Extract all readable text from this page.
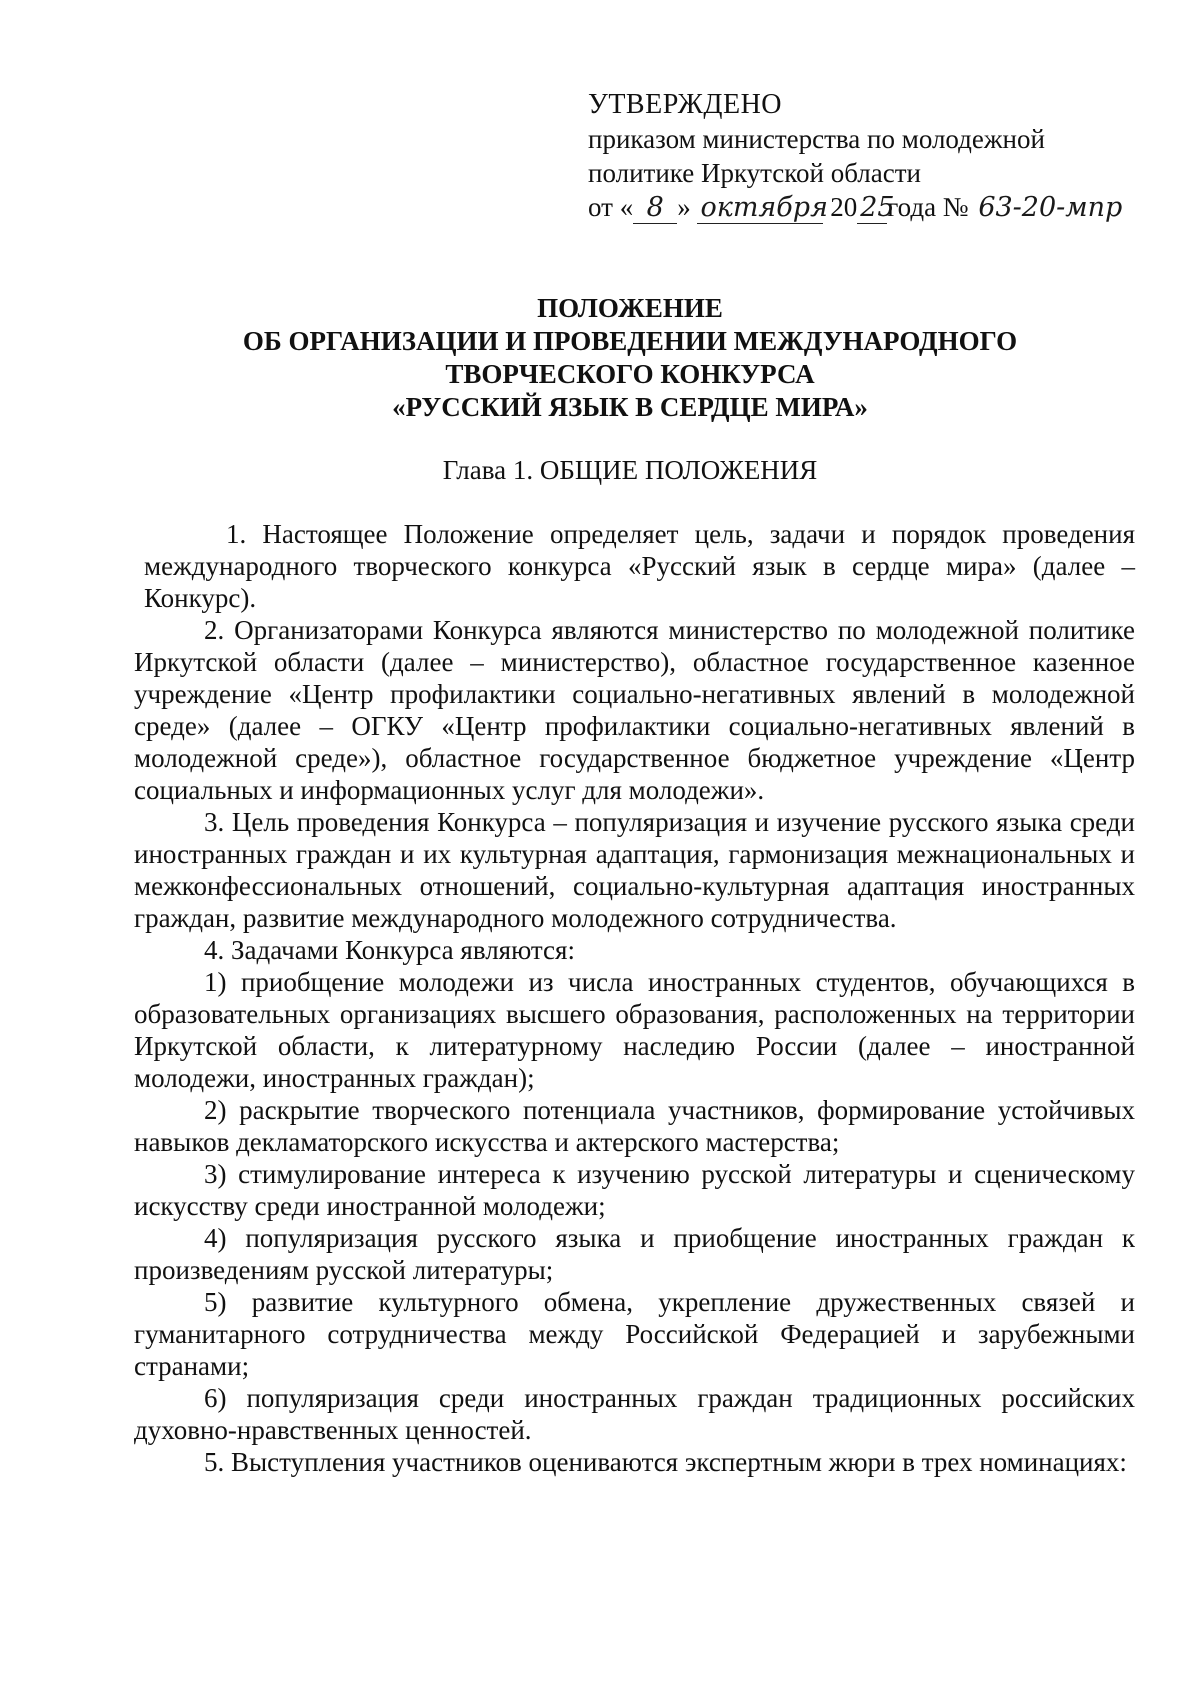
УТВЕРЖДЕНО
приказом министерства по молодежной
политике Иркутской области
от « 8 » октября 20 25года № 63-20-мпр
ПОЛОЖЕНИЕ
ОБ ОРГАНИЗАЦИИ И ПРОВЕДЕНИИ МЕЖДУНАРОДНОГО
ТВОРЧЕСКОГО КОНКУРСА
«РУССКИЙ ЯЗЫК В СЕРДЦЕ МИРА»
Глава 1. ОБЩИЕ ПОЛОЖЕНИЯ

1. Настоящее Положение определяет цель, задачи и порядок проведения международного творческого конкурса «Русский язык в сердце мира» (далее – Конкурс).

2. Организаторами Конкурса являются министерство по молодежной политике Иркутской области (далее – министерство), областное государственное казенное учреждение «Центр профилактики социально-негативных явлений в молодежной среде» (далее – ОГКУ «Центр профилактики социально-негативных явлений в молодежной среде»), областное государственное бюджетное учреждение «Центр социальных и информационных услуг для молодежи».

3. Цель проведения Конкурса – популяризация и изучение русского языка среди иностранных граждан и их культурная адаптация, гармонизация межнациональных и межконфессиональных отношений, социально-культурная адаптация иностранных граждан, развитие международного молодежного сотрудничества.

4. Задачами Конкурса являются:

1) приобщение молодежи из числа иностранных студентов, обучающихся в образовательных организациях высшего образования, расположенных на территории Иркутской области, к литературному наследию России (далее – иностранной молодежи, иностранных граждан);

2) раскрытие творческого потенциала участников, формирование устойчивых навыков декламаторского искусства и актерского мастерства;

3) стимулирование интереса к изучению русской литературы и сценическому искусству среди иностранной молодежи;

4) популяризация русского языка и приобщение иностранных граждан к произведениям русской литературы;

5) развитие культурного обмена, укрепление дружественных связей и гуманитарного сотрудничества между Российской Федерацией и зарубежными странами;

6) популяризация среди иностранных граждан традиционных российских духовно-нравственных ценностей.

5. Выступления участников оцениваются экспертным жюри в трех номинациях:
